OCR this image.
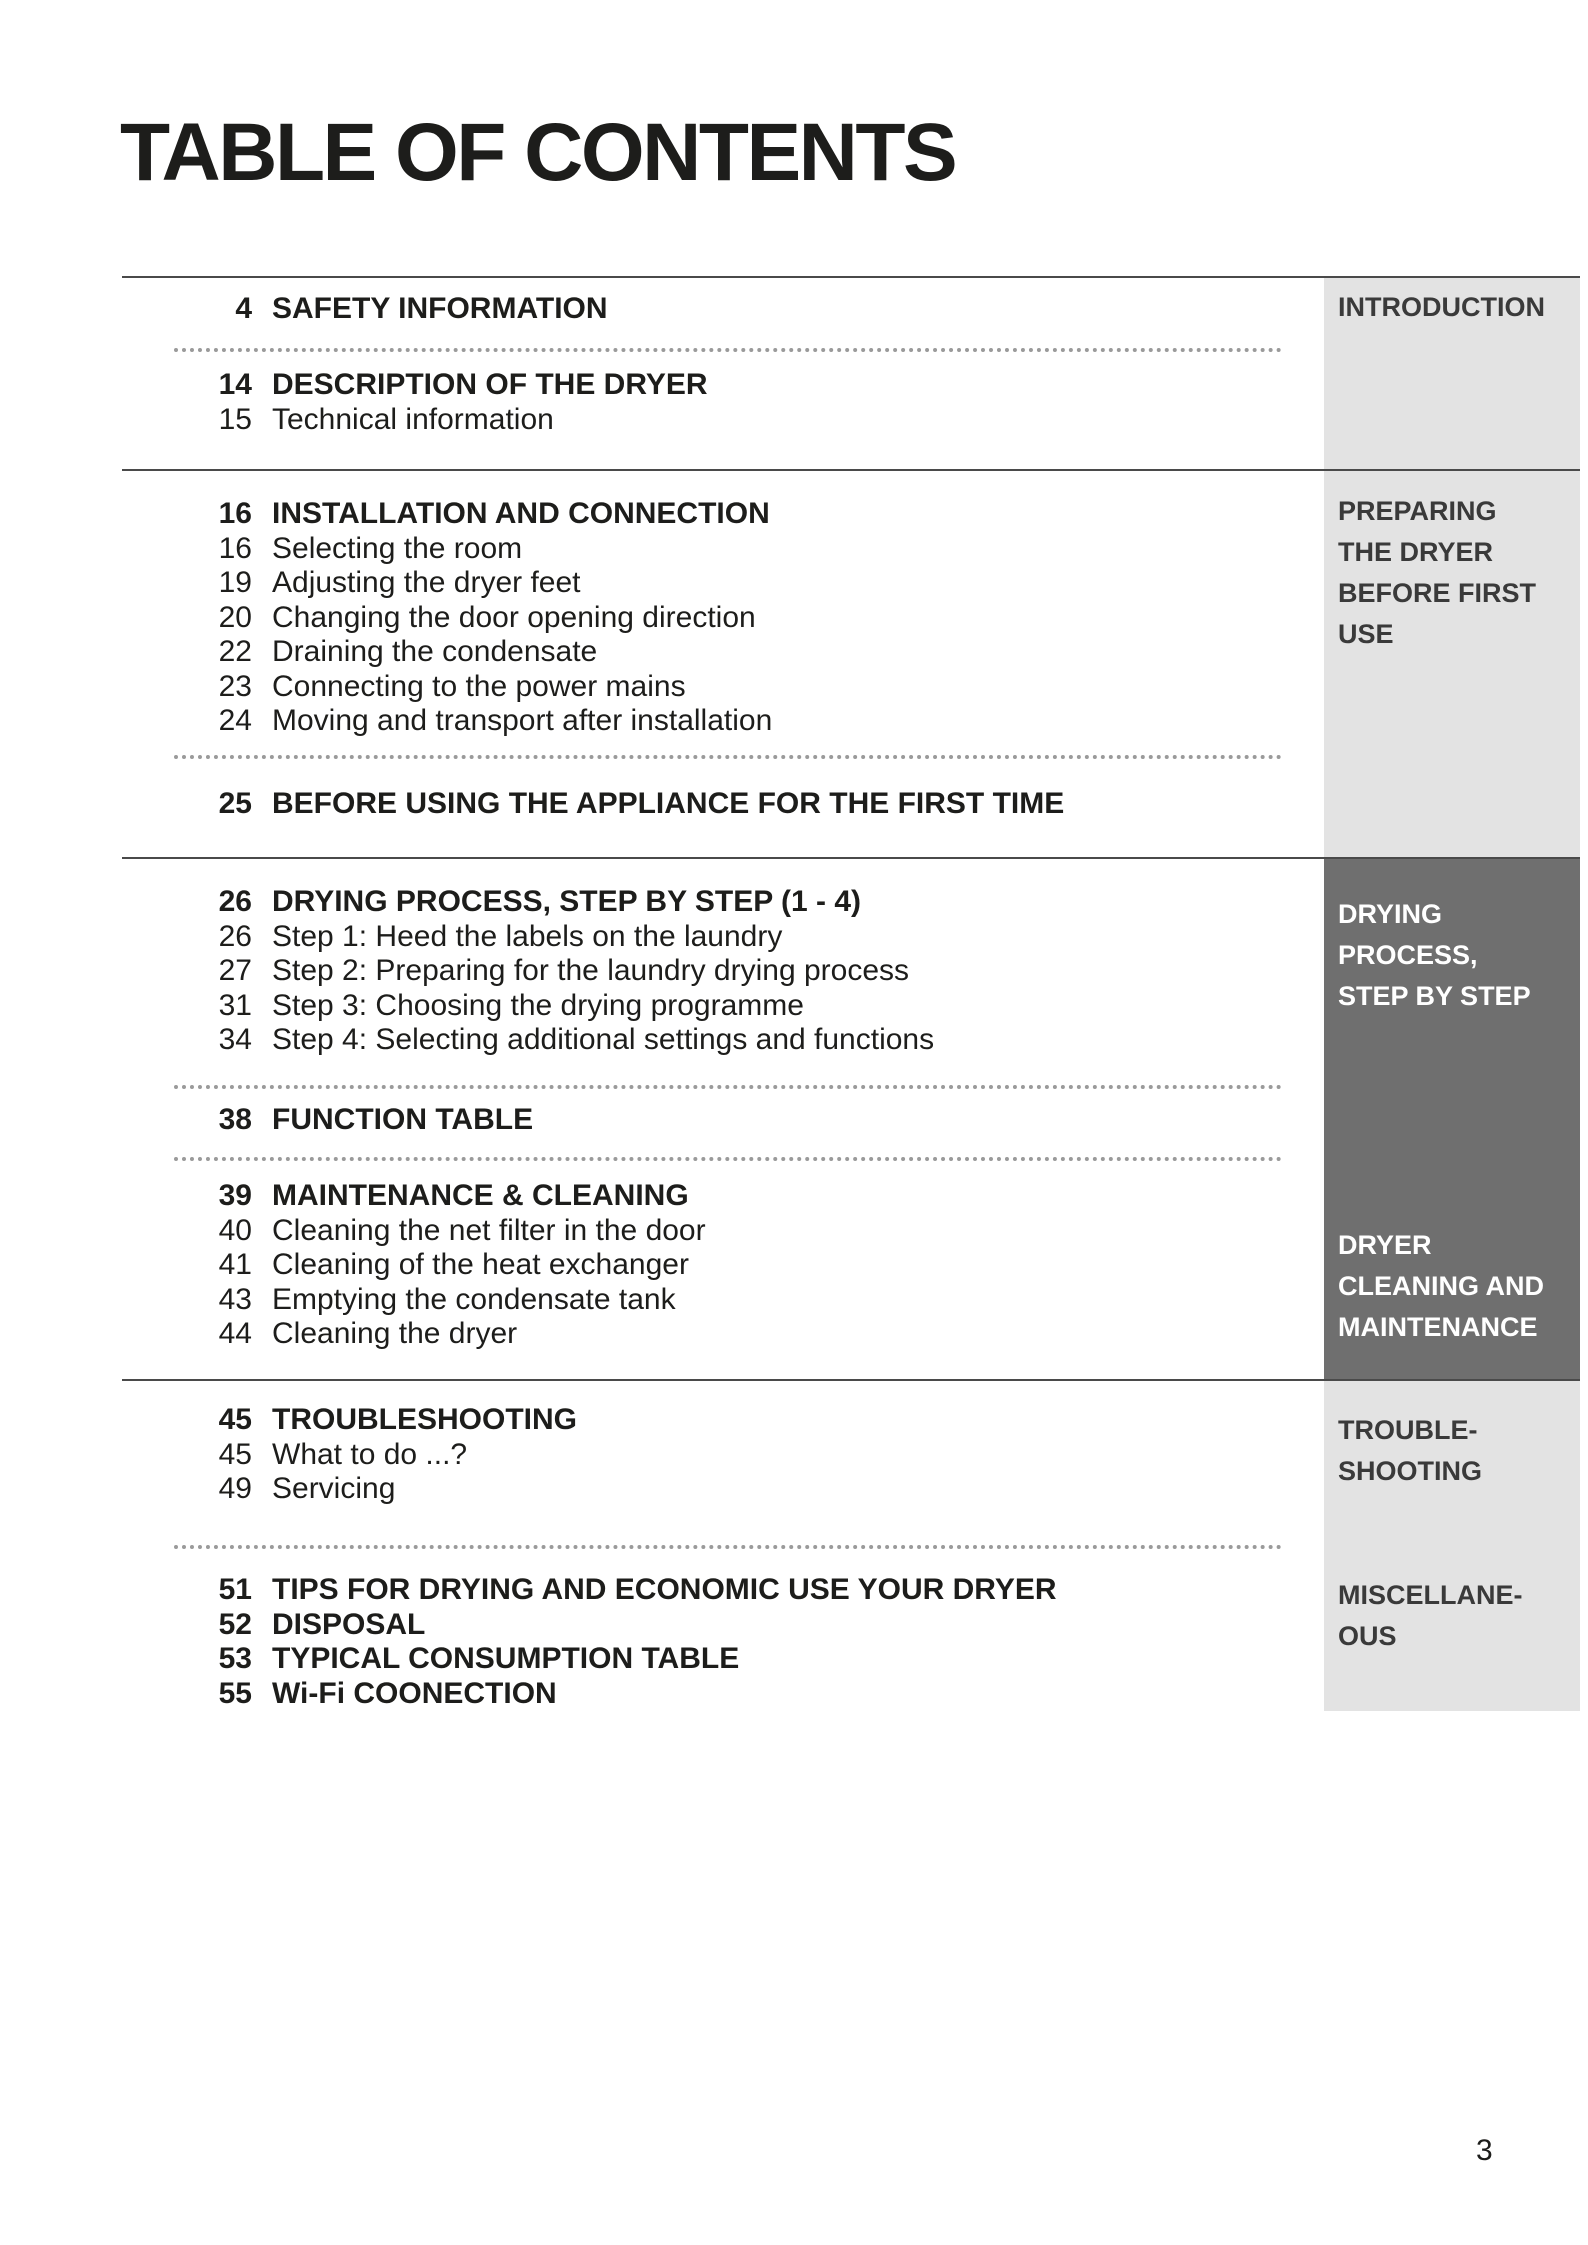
TABLE OF CONTENTS
4 SAFETY INFORMATION
14 DESCRIPTION OF THE DRYER
15 Technical information
INTRODUCTION
16 INSTALLATION AND CONNECTION
16 Selecting the room
19 Adjusting the dryer feet
20 Changing the door opening direction
22 Draining the condensate
23 Connecting to the power mains
24 Moving and transport after installation
25 BEFORE USING THE APPLIANCE FOR THE FIRST TIME
PREPARING
THE DRYER
BEFORE FIRST
USE
26 DRYING PROCESS, STEP BY STEP (1 - 4)
26 Step 1: Heed the labels on the laundry
27 Step 2: Preparing for the laundry drying process
31 Step 3: Choosing the drying programme
34 Step 4: Selecting additional settings and functions
38 FUNCTION TABLE
39 MAINTENANCE & CLEANING
40 Cleaning the net filter in the door
41 Cleaning of the heat exchanger
43 Emptying the condensate tank
44 Cleaning the dryer
DRYING
PROCESS,
STEP BY STEP
DRYER
CLEANING AND
MAINTENANCE
45 TROUBLESHOOTING
45 What to do ...?
49 Servicing
51 TIPS FOR DRYING AND ECONOMIC USE YOUR DRYER
52 DISPOSAL
53 TYPICAL CONSUMPTION TABLE
55 Wi-Fi COONECTION
TROUBLE-
SHOOTING
MISCELLANE-
OUS
3
